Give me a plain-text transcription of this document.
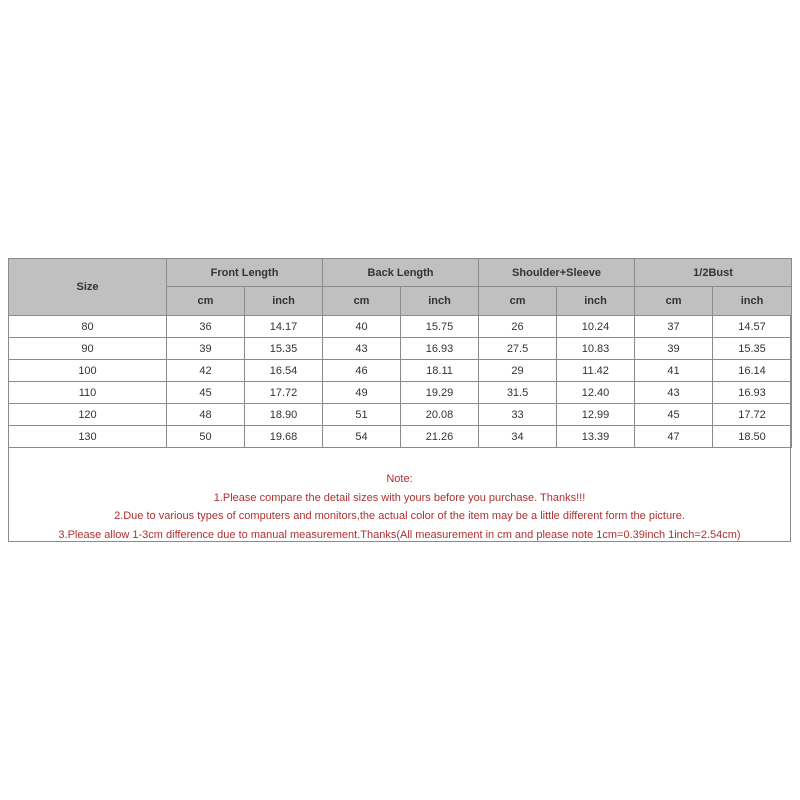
Size	Front Length		Back Length		Shoulder+Sleeve		1/2Bust	
	cm	inch	cm	inch	cm	inch	cm	inch
80	36	14.17	40	15.75	26	10.24	37	14.57
90	39	15.35	43	16.93	27.5	10.83	39	15.35
100	42	16.54	46	18.11	29	11.42	41	16.14
110	45	17.72	49	19.29	31.5	12.40	43	16.93
120	48	18.90	51	20.08	33	12.99	45	17.72
130	50	19.68	54	21.26	34	13.39	47	18.50
Note:
1.Please compare the detail sizes with yours before you purchase. Thanks!!!
2.Due to various types of computers and monitors,the actual color of the item may be a little different form the picture.
3.Please allow 1-3cm difference due to manual measurement.Thanks(All measurement in cm and please note 1cm=0.39inch 1inch=2.54cm)
